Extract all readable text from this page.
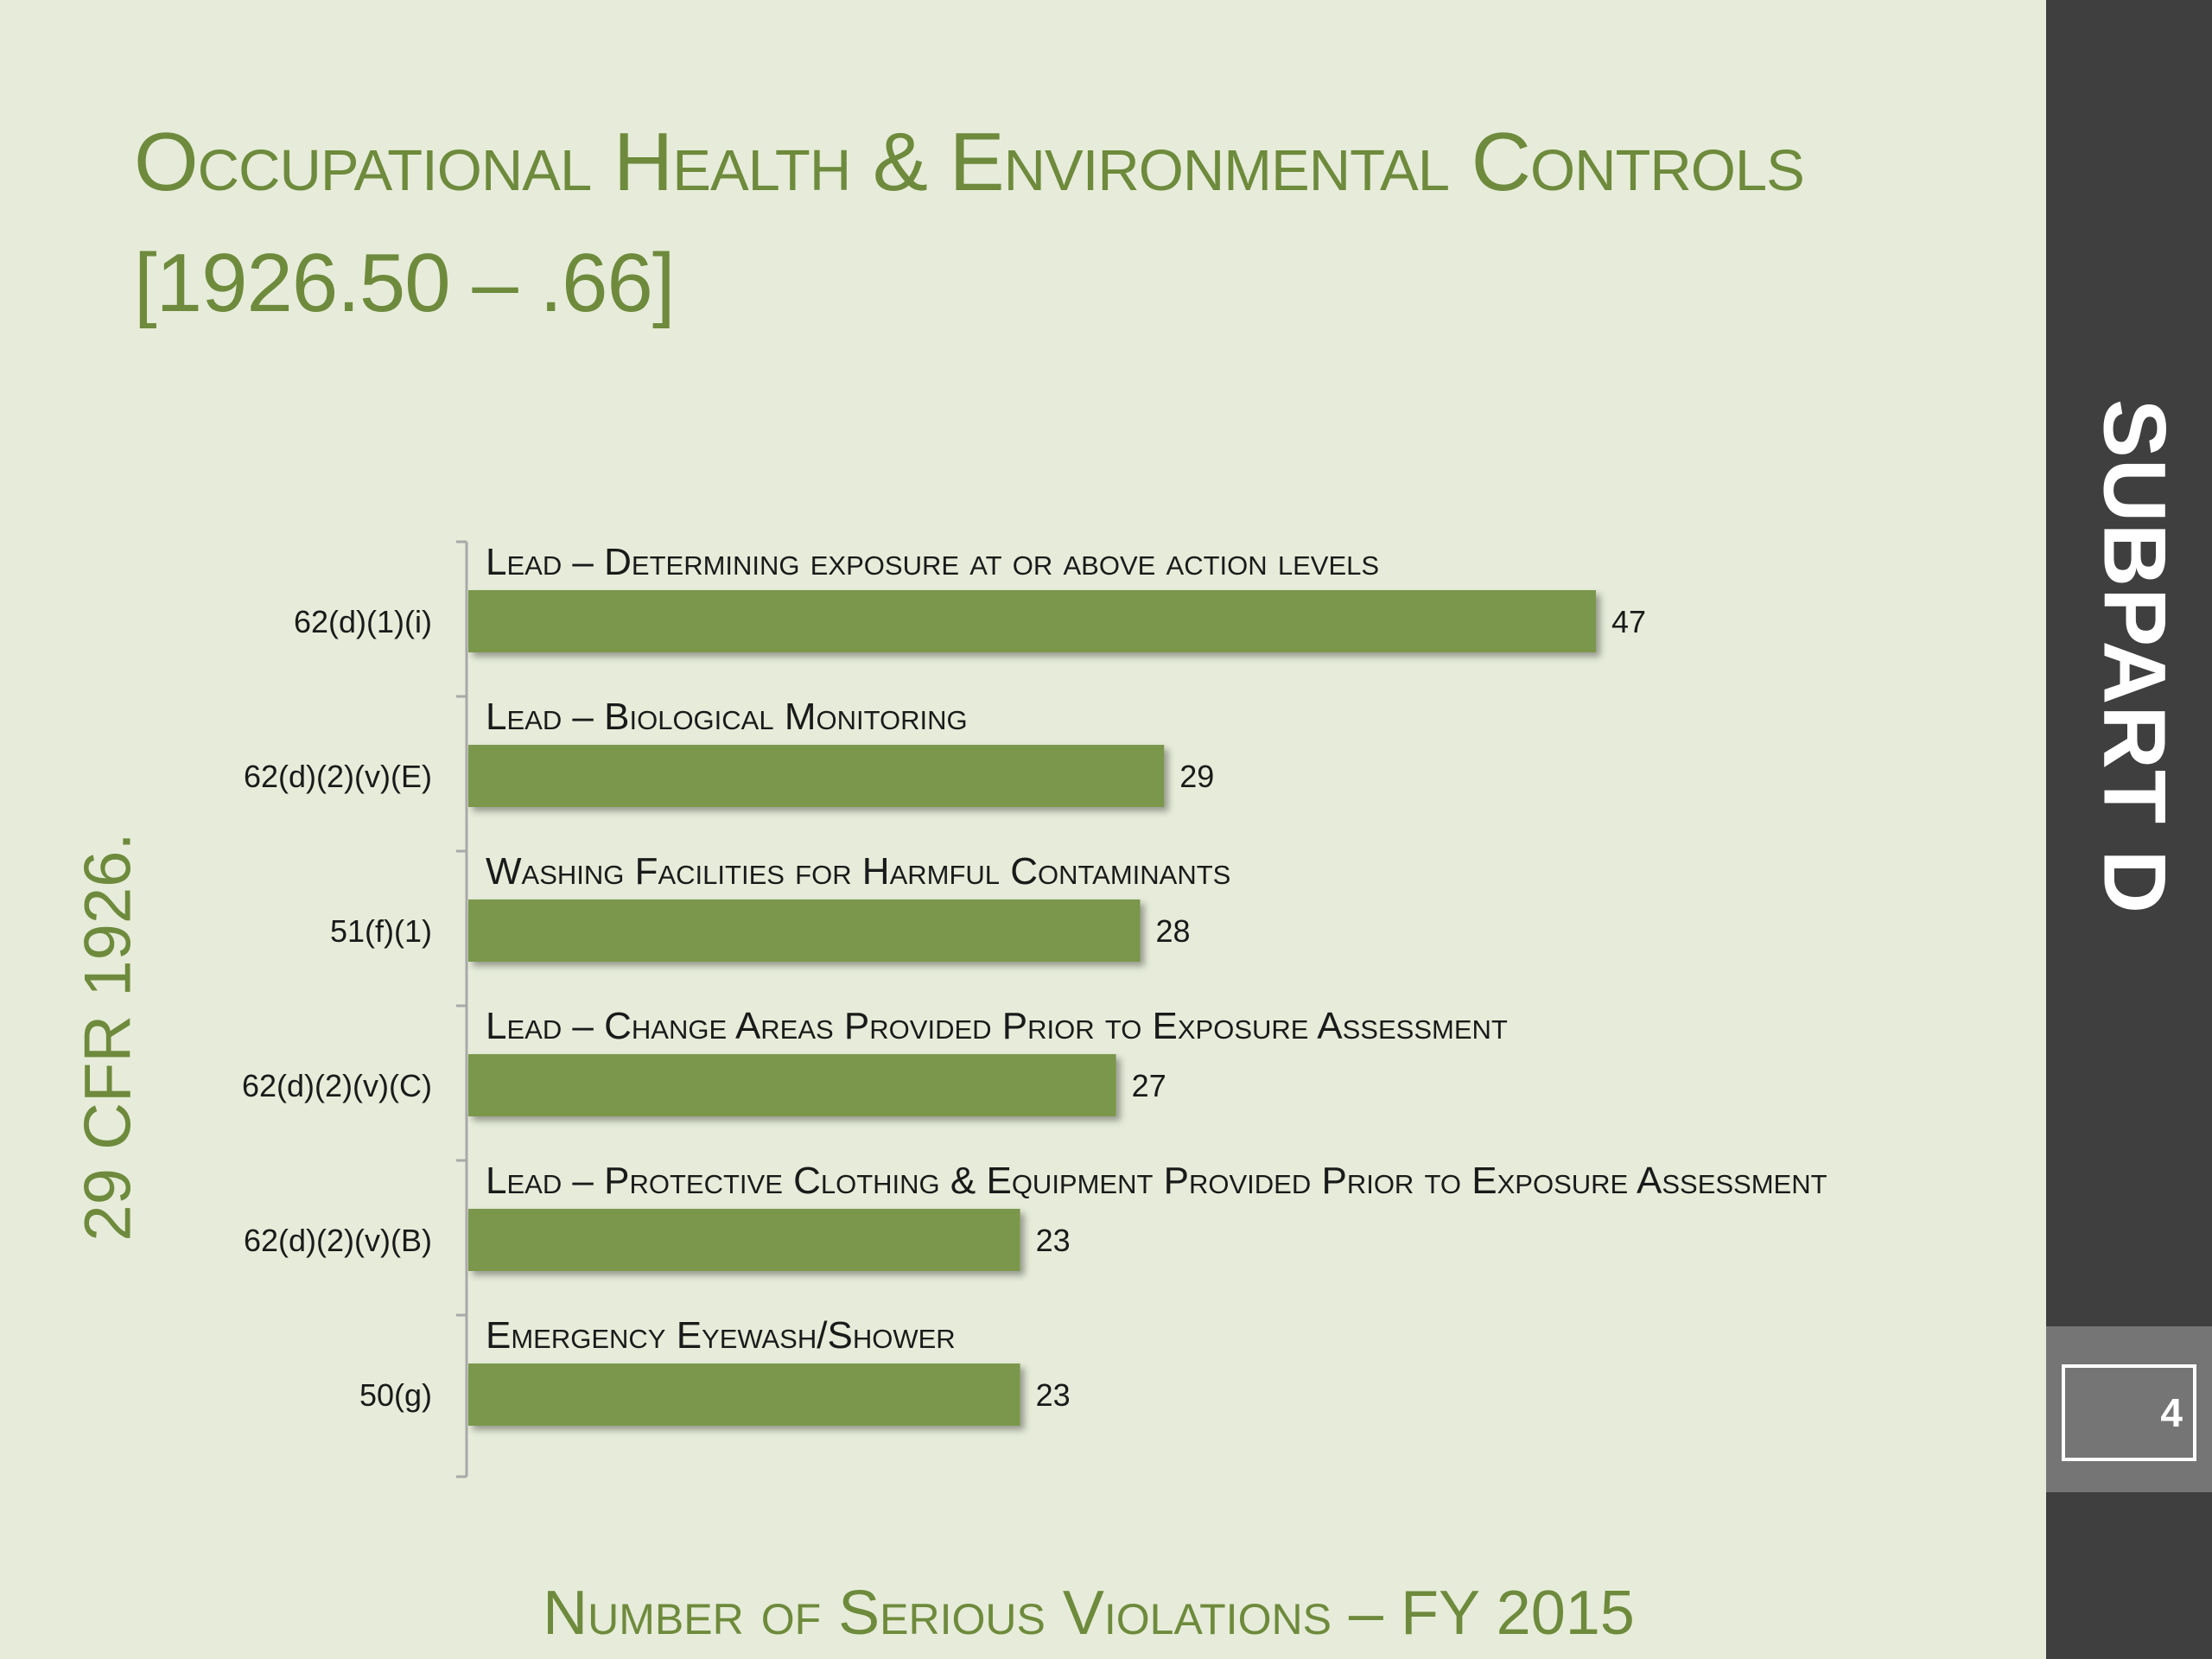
Occupational Health & Environmental Controls
[1926.50 – .66]
Lead – Determining exposure at or above action levels
62(d)(1)(i)	47
Lead – Biological Monitoring
62(d)(2)(v)(E)	29
Washing Facilities for Harmful Contaminants
51(f)(1)	28
Lead – Change Areas Provided Prior to Exposure Assessment
62(d)(2)(v)(C)	27
Lead – Protective Clothing & Equipment Provided Prior to Exposure Assessment
62(d)(2)(v)(B)	23
Emergency Eyewash/Shower
50(g)	23
29 CFR 1926.
Number of Serious Violations – FY 2015
4
SUBPART D
